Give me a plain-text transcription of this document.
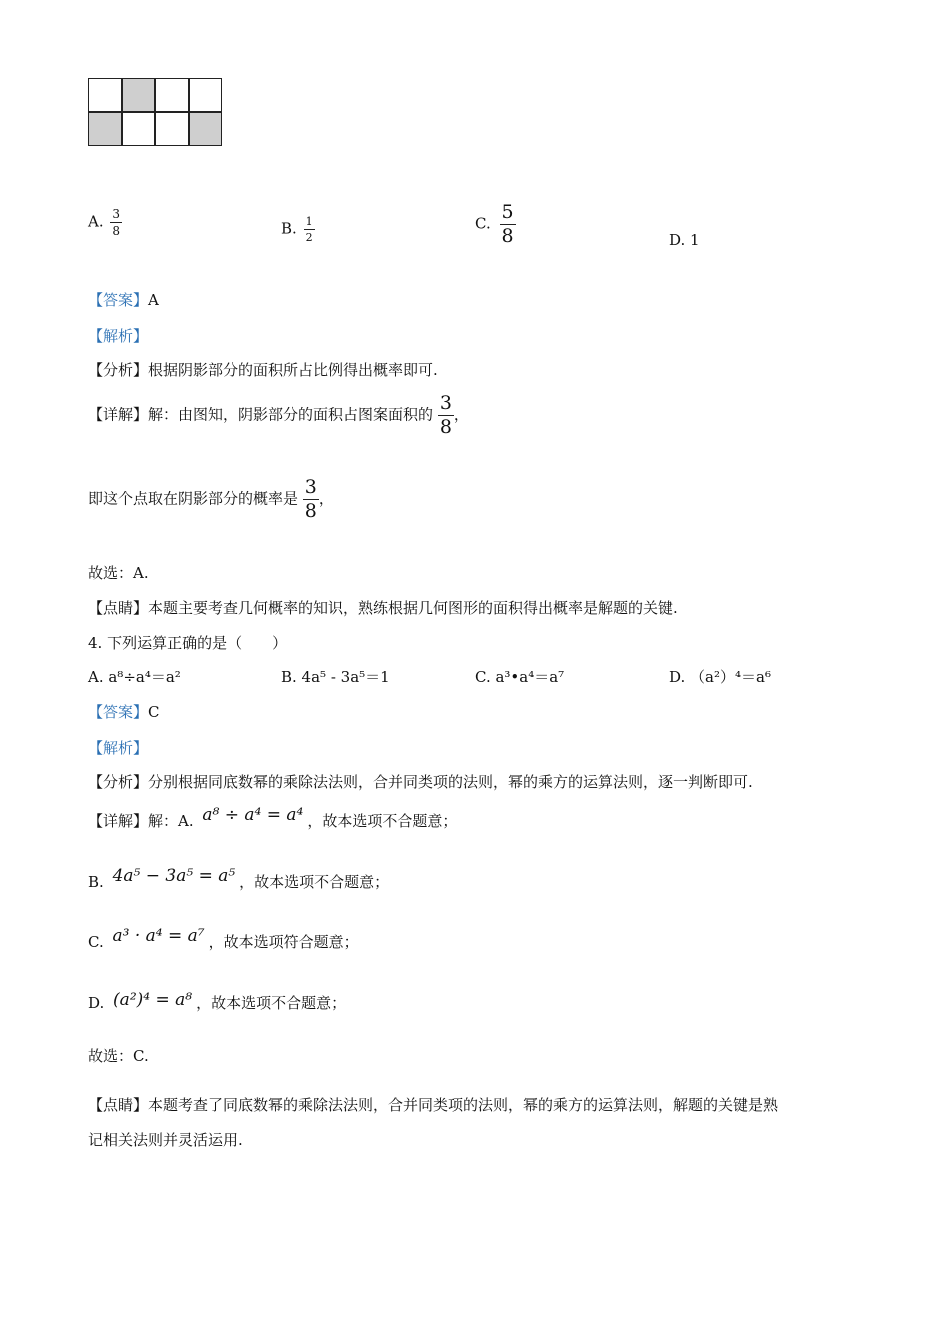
A. $\frac{3}{8}$	B. $\frac{1}{2}$	C. $\frac{5}{8}$	D. 1
【答案】A
【解析】
【分析】根据阴影部分的面积所占比例得出概率即可.
【详解】解：由图知，阴影部分的面积占图案面积的 $\frac{3}{8}$ ，
即这个点取在阴影部分的概率是 $\frac{3}{8}$ ，
故选：A.
【点睛】本题主要考查几何概率的知识，熟练根据几何图形的面积得出概率是解题的关键.
4. 下列运算正确的是（　　）
A. a⁸÷a⁴＝a²	B. 4a⁵ - 3a⁵＝1	C. a³•a⁴＝a⁷	D. （a²）⁴＝a⁶
【答案】C
【解析】
【分析】分别根据同底数幂的乘除法法则，合并同类项的法则，幂的乘方的运算法则，逐一判断即可.
【详解】解：A. a⁸ ÷ a⁴ = a⁴ ，故本选项不合题意；
B. 4a⁵ − 3a⁵ = a⁵ ，故本选项不合题意；
C. a³ · a⁴ = a⁷ ，故本选项符合题意；
D. (a²)⁴ = a⁸ ，故本选项不合题意；
故选：C.
【点睛】本题考查了同底数幂的乘除法法则，合并同类项的法则，幂的乘方的运算法则，解题的关键是熟
记相关法则并灵活运用.
